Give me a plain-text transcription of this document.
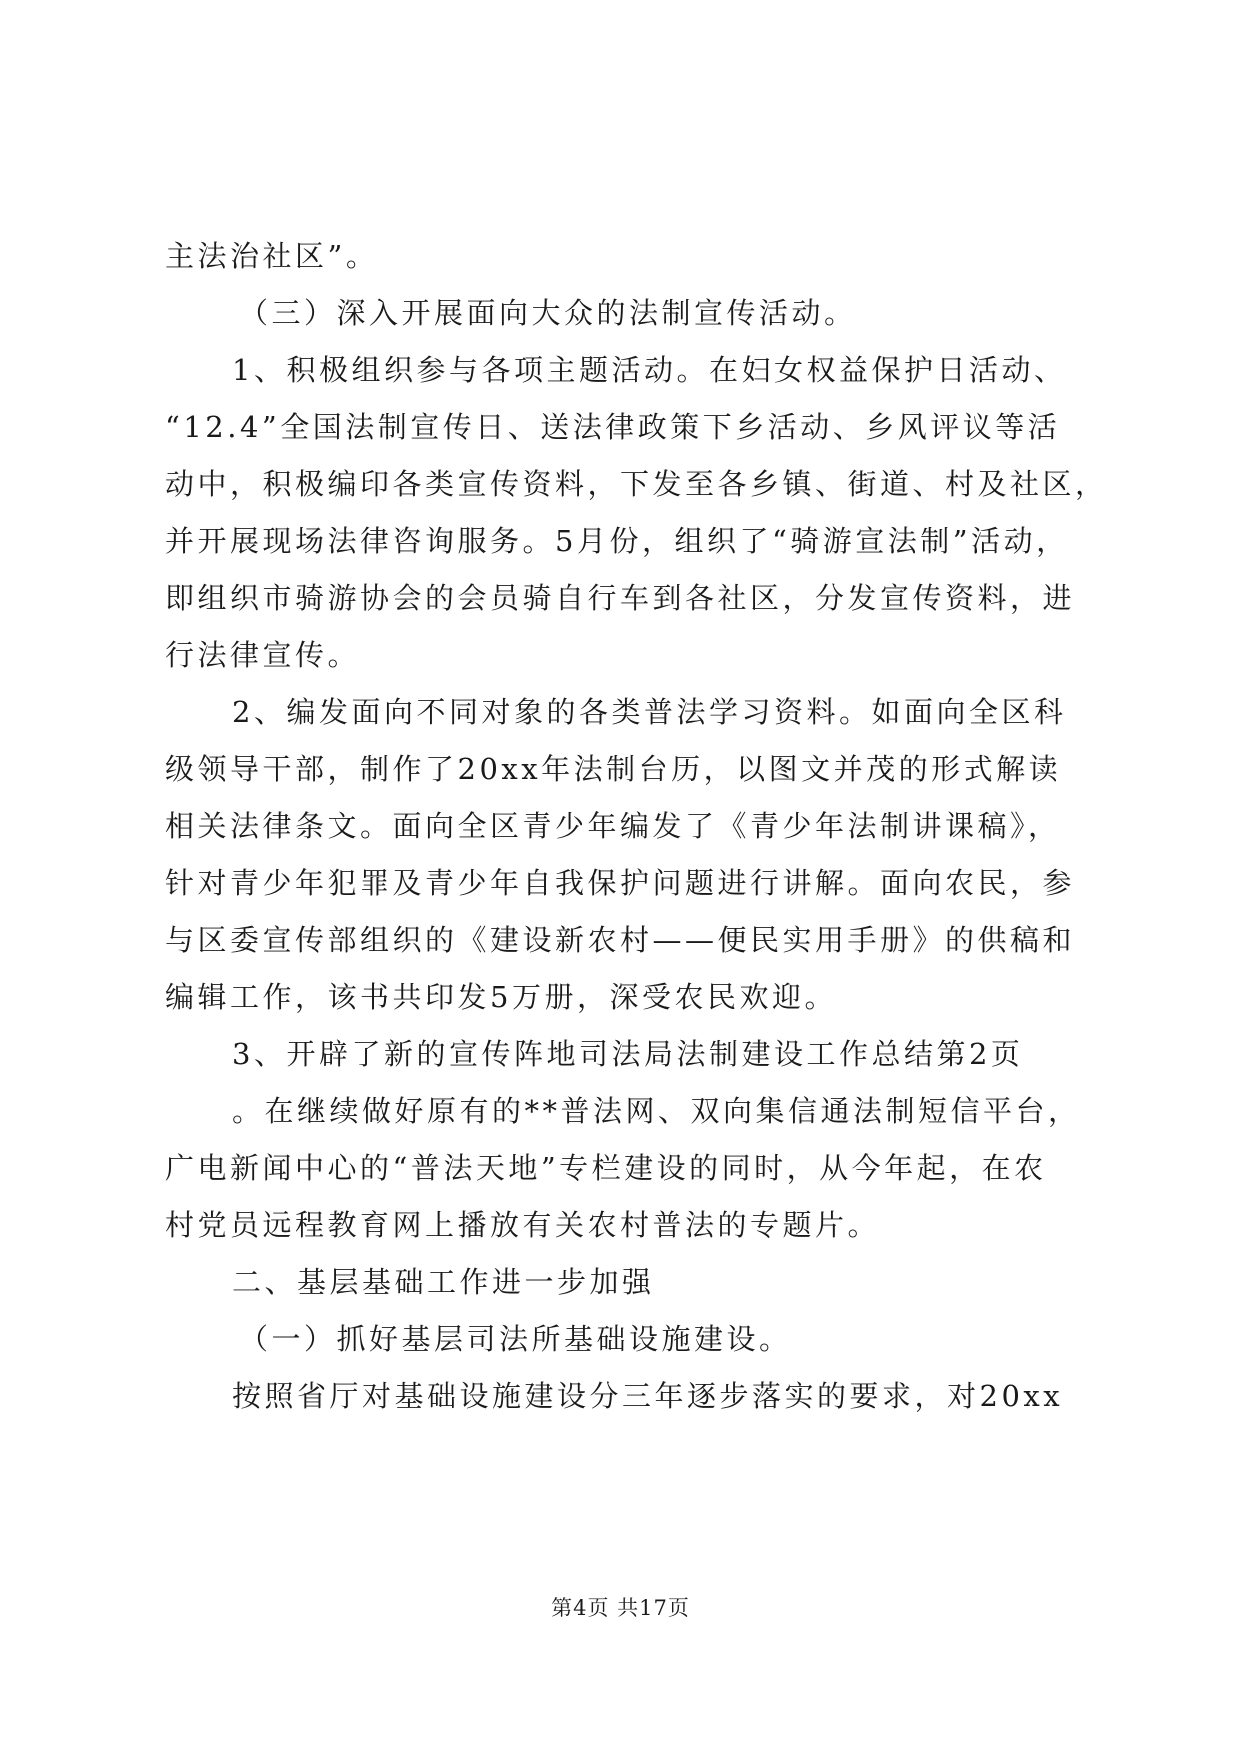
主法治社区”。
（三）深入开展面向大众的法制宣传活动。
1、积极组织参与各项主题活动。在妇女权益保护日活动、
“12.4”全国法制宣传日、送法律政策下乡活动、乡风评议等活
动中，积极编印各类宣传资料，下发至各乡镇、街道、村及社区，
并开展现场法律咨询服务。5月份，组织了“骑游宣法制”活动，
即组织市骑游协会的会员骑自行车到各社区，分发宣传资料，进
行法律宣传。
2、编发面向不同对象的各类普法学习资料。如面向全区科
级领导干部，制作了20xx年法制台历，以图文并茂的形式解读
相关法律条文。面向全区青少年编发了《青少年法制讲课稿》，
针对青少年犯罪及青少年自我保护问题进行讲解。面向农民，参
与区委宣传部组织的《建设新农村——便民实用手册》的供稿和
编辑工作，该书共印发5万册，深受农民欢迎。
3、开辟了新的宣传阵地司法局法制建设工作总结第2页
。在继续做好原有的**普法网、双向集信通法制短信平台，
广电新闻中心的“普法天地”专栏建设的同时，从今年起，在农
村党员远程教育网上播放有关农村普法的专题片。
二、基层基础工作进一步加强
（一）抓好基层司法所基础设施建设。
按照省厅对基础设施建设分三年逐步落实的要求，对20xx
第4页 共17页
